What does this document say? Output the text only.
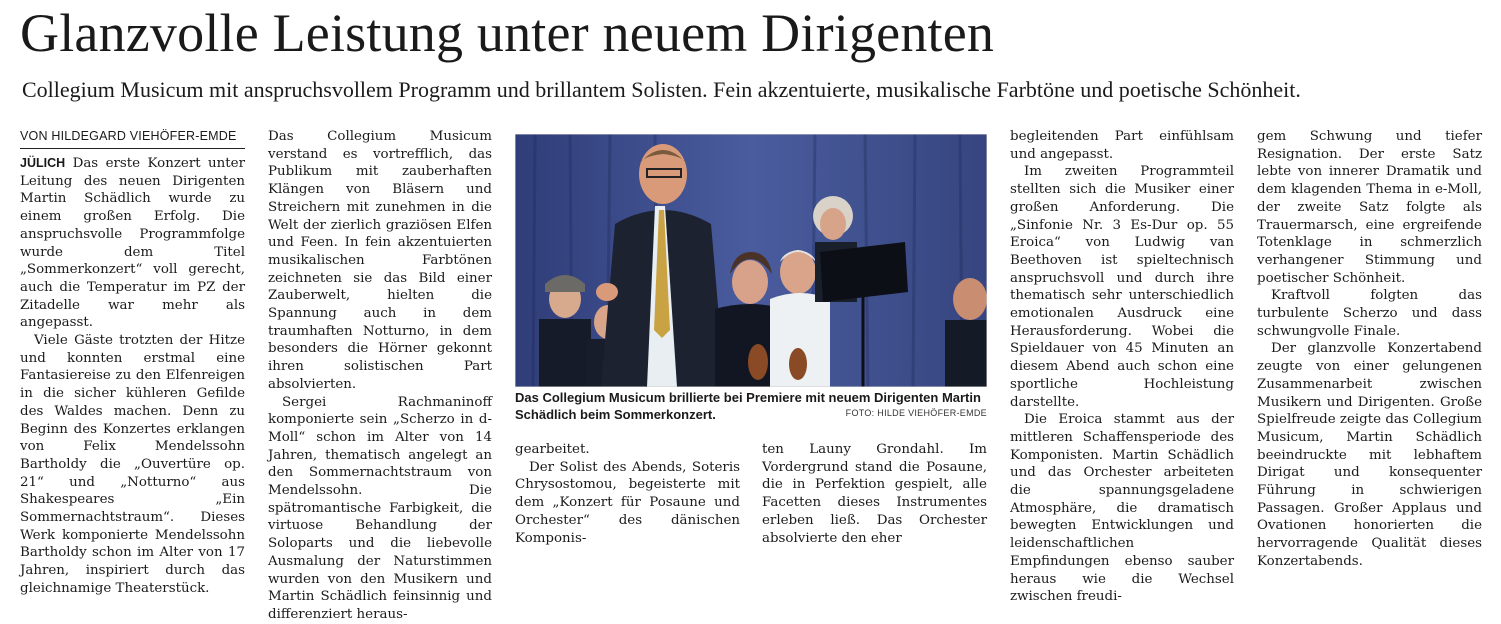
Glanzvolle Leistung unter neuem Dirigenten
Collegium Musicum mit anspruchsvollem Programm und brillantem Solisten. Fein akzentuierte, musikalische Farbtöne und poetische Schönheit.
VON HILDEGARD VIEHÖFER-EMDE

JÜLICH Das erste Konzert unter Leitung des neuen Dirigenten Martin Schädlich wurde zu einem großen Erfolg. Die anspruchsvolle Programmfolge wurde dem Titel „Sommerkonzert“ voll gerecht, auch die Temperatur im PZ der Zitadelle war mehr als angepasst.

Viele Gäste trotzten der Hitze und konnten erstmal eine Fantasiereise zu den Elfenreigen in die sicher kühleren Gefilde des Waldes machen. Denn zu Beginn des Konzertes erklangen von Felix Mendelssohn Bartholdy die „Ouvertüre op. 21“ und „Notturno“ aus Shakespeares „Ein Sommernachtstraum“. Dieses Werk komponierte Mendelssohn Bartholdy schon im Alter von 17 Jahren, inspiriert durch das gleichnamige Theaterstück.

Das Collegium Musicum verstand es vortrefflich, das Publikum mit zauberhaften Klängen von Bläsern und Streichern mit zunehmen in die Welt der zierlich graziösen Elfen und Feen. In fein akzentuierten musikalischen Farbtönen zeichneten sie das Bild einer Zauberwelt, hielten die Spannung auch in dem traumhaften Notturno, in dem besonders die Hörner gekonnt ihren solistischen Part absolvierten.

Sergei Rachmaninoff komponierte sein „Scherzo in d-Moll“ schon im Alter von 14 Jahren, thematisch angelegt an den Sommernachtstraum von Mendelssohn. Die spätromantische Farbigkeit, die virtuose Behandlung der Soloparts und die liebevolle Ausmalung der Naturstimmen wurden von den Musikern und Martin Schädlich feinsinnig und differenziert heraus-

Das Collegium Musicum brillierte bei Premiere mit neuem Dirigenten Martin Schädlich beim Sommerkonzert.	FOTO: HILDE VIEHÖFER-EMDE

gearbeitet.

Der Solist des Abends, Soteris Chrysostomou, begeisterte mit dem „Konzert für Posaune und Orchester“ des dänischen Komponis-

ten Launy Grondahl. Im Vordergrund stand die Posaune, die in Perfektion gespielt, alle Facetten dieses Instrumentes erleben ließ. Das Orchester absolvierte den eher

begleitenden Part einfühlsam und angepasst.

Im zweiten Programmteil stellten sich die Musiker einer großen Anforderung. Die „Sinfonie Nr. 3 Es-Dur op. 55 Eroica“ von Ludwig van Beethoven ist spieltechnisch anspruchsvoll und durch ihre thematisch sehr unterschiedlich emotionalen Ausdruck eine Herausforderung. Wobei die Spieldauer von 45 Minuten an diesem Abend auch schon eine sportliche Hochleistung darstellte.

Die Eroica stammt aus der mittleren Schaffensperiode des Komponisten. Martin Schädlich und das Orchester arbeiteten die spannungsgeladene Atmosphäre, die dramatisch bewegten Entwicklungen und leidenschaftlichen Empfindungen ebenso sauber heraus wie die Wechsel zwischen freudi-

gem Schwung und tiefer Resignation. Der erste Satz lebte von innerer Dramatik und dem klagenden Thema in e-Moll, der zweite Satz folgte als Trauermarsch, eine ergreifende Totenklage in schmerzlich verhangener Stimmung und poetischer Schönheit.

Kraftvoll folgten das turbulente Scherzo und dass schwungvolle Finale.

Der glanzvolle Konzertabend zeugte von einer gelungenen Zusammenarbeit zwischen Musikern und Dirigenten. Große Spielfreude zeigte das Collegium Musicum, Martin Schädlich beeindruckte mit lebhaftem Dirigat und konsequenter Führung in schwierigen Passagen. Großer Applaus und Ovationen honorierten die hervorragende Qualität dieses Konzertabends.
